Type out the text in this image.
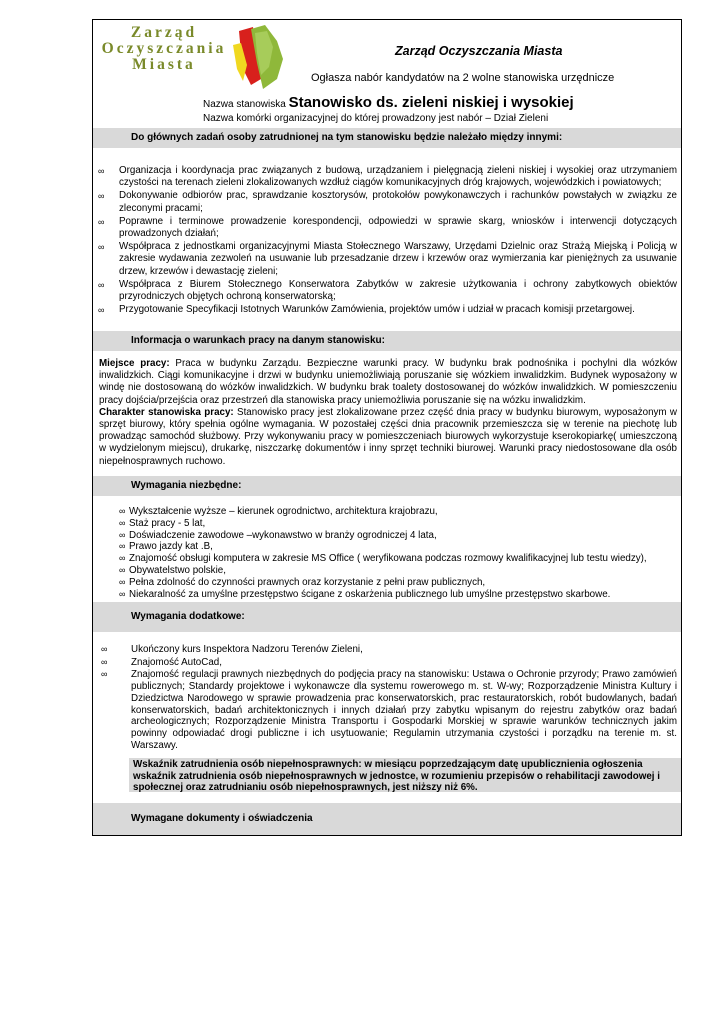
Zarząd
Oczyszczania
Miasta
Zarząd Oczyszczania Miasta
Ogłasza nabór kandydatów na 2 wolne stanowiska urzędnicze
Nazwa stanowiska Stanowisko ds. zieleni niskiej i wysokiej
Nazwa komórki organizacyjnej do której prowadzony jest nabór – Dział Zieleni
Do głównych zadań osoby zatrudnionej na tym stanowisku będzie należało między innymi:
∞ Organizacja i koordynacja prac związanych z budową, urządzaniem i pielęgnacją zieleni niskiej i wysokiej oraz utrzymaniem czystości na terenach zieleni zlokalizowanych wzdłuż ciągów komunikacyjnych dróg krajowych, wojewódzkich i powiatowych;
∞ Dokonywanie odbiorów prac, sprawdzanie kosztorysów, protokołów powykonawczych i rachunków powstałych w związku ze zleconymi pracami;
∞ Poprawne i terminowe prowadzenie korespondencji, odpowiedzi w sprawie skarg, wniosków i interwencji dotyczących prowadzonych działań;
∞ Współpraca z jednostkami organizacyjnymi Miasta Stołecznego Warszawy, Urzędami Dzielnic oraz Strażą Miejską i Policją w zakresie wydawania zezwoleń na usuwanie lub przesadzanie drzew i krzewów oraz wymierzania kar pieniężnych za usuwanie drzew, krzewów i dewastację zieleni;
∞ Współpraca z Biurem Stołecznego Konserwatora Zabytków w zakresie użytkowania i ochrony zabytkowych obiektów przyrodniczych objętych ochroną konserwatorską;
∞ Przygotowanie Specyfikacji Istotnych Warunków Zamówienia, projektów umów i udział w pracach komisji przetargowej.
Informacja o warunkach pracy na danym stanowisku:
Miejsce pracy: Praca w budynku Zarządu. Bezpieczne warunki pracy. W budynku brak podnośnika i pochylni dla wózków inwalidzkich. Ciągi komunikacyjne i drzwi w budynku uniemożliwiają poruszanie się wózkiem inwalidzkim. Budynek wyposażony w windę nie dostosowaną do wózków inwalidzkich. W budynku brak toalety dostosowanej do wózków inwalidzkich. W pomieszczeniu pracy dojścia/przejścia oraz przestrzeń dla stanowiska pracy uniemożliwia poruszanie się na wózku inwalidzkim.
Charakter stanowiska pracy: Stanowisko pracy jest zlokalizowane przez część dnia pracy w budynku biurowym, wyposażonym w sprzęt biurowy, który spełnia ogólne wymagania. W pozostałej części dnia pracownik przemieszcza się w terenie na piechotę lub prowadząc samochód służbowy. Przy wykonywaniu pracy w pomieszczeniach biurowych wykorzystuje kserokopiarkę( umieszczoną w wydzielonym miejscu), drukarkę, niszczarkę dokumentów i inny sprzęt techniki biurowej. Warunki pracy niedostosowane dla osób niepełnosprawnych ruchowo.
Wymagania niezbędne:
∞ Wykształcenie wyższe – kierunek ogrodnictwo, architektura krajobrazu,
∞ Staż pracy - 5 lat,
∞ Doświadczenie zawodowe –wykonawstwo w branży ogrodniczej 4 lata,
∞ Prawo jazdy kat .B,
∞ Znajomość obsługi komputera w zakresie MS Office ( weryfikowana podczas rozmowy kwalifikacyjnej lub testu wiedzy),
∞ Obywatelstwo polskie,
∞ Pełna zdolność do czynności prawnych oraz korzystanie z pełni praw publicznych,
∞ Niekaralność za umyślne przestępstwo ścigane z oskarżenia publicznego lub umyślne przestępstwo skarbowe.
Wymagania dodatkowe:
∞ Ukończony kurs Inspektora Nadzoru Terenów Zieleni,
∞ Znajomość AutoCad,
∞ Znajomość regulacji prawnych niezbędnych do podjęcia pracy na stanowisku: Ustawa o Ochronie przyrody; Prawo zamówień publicznych; Standardy projektowe i wykonawcze dla systemu rowerowego m. st. W-wy; Rozporządzenie Ministra Kultury i Dziedzictwa Narodowego w sprawie prowadzenia prac konserwatorskich, prac restauratorskich, robót budowlanych, badań konserwatorskich, badań architektonicznych i innych działań przy zabytku wpisanym do rejestru zabytków oraz badań archeologicznych; Rozporządzenie Ministra Transportu i Gospodarki Morskiej w sprawie warunków technicznych jakim powinny odpowiadać drogi publiczne i ich usytuowanie; Regulamin utrzymania czystości i porządku na terenie m. st. Warszawy.
Wskaźnik zatrudnienia osób niepełnosprawnych: w miesiącu poprzedzającym datę upublicznienia ogłoszenia wskaźnik zatrudnienia osób niepełnosprawnych w jednostce, w rozumieniu przepisów o rehabilitacji zawodowej i społecznej oraz zatrudnianiu osób niepełnosprawnych, jest niższy niż 6%.
Wymagane dokumenty i oświadczenia
